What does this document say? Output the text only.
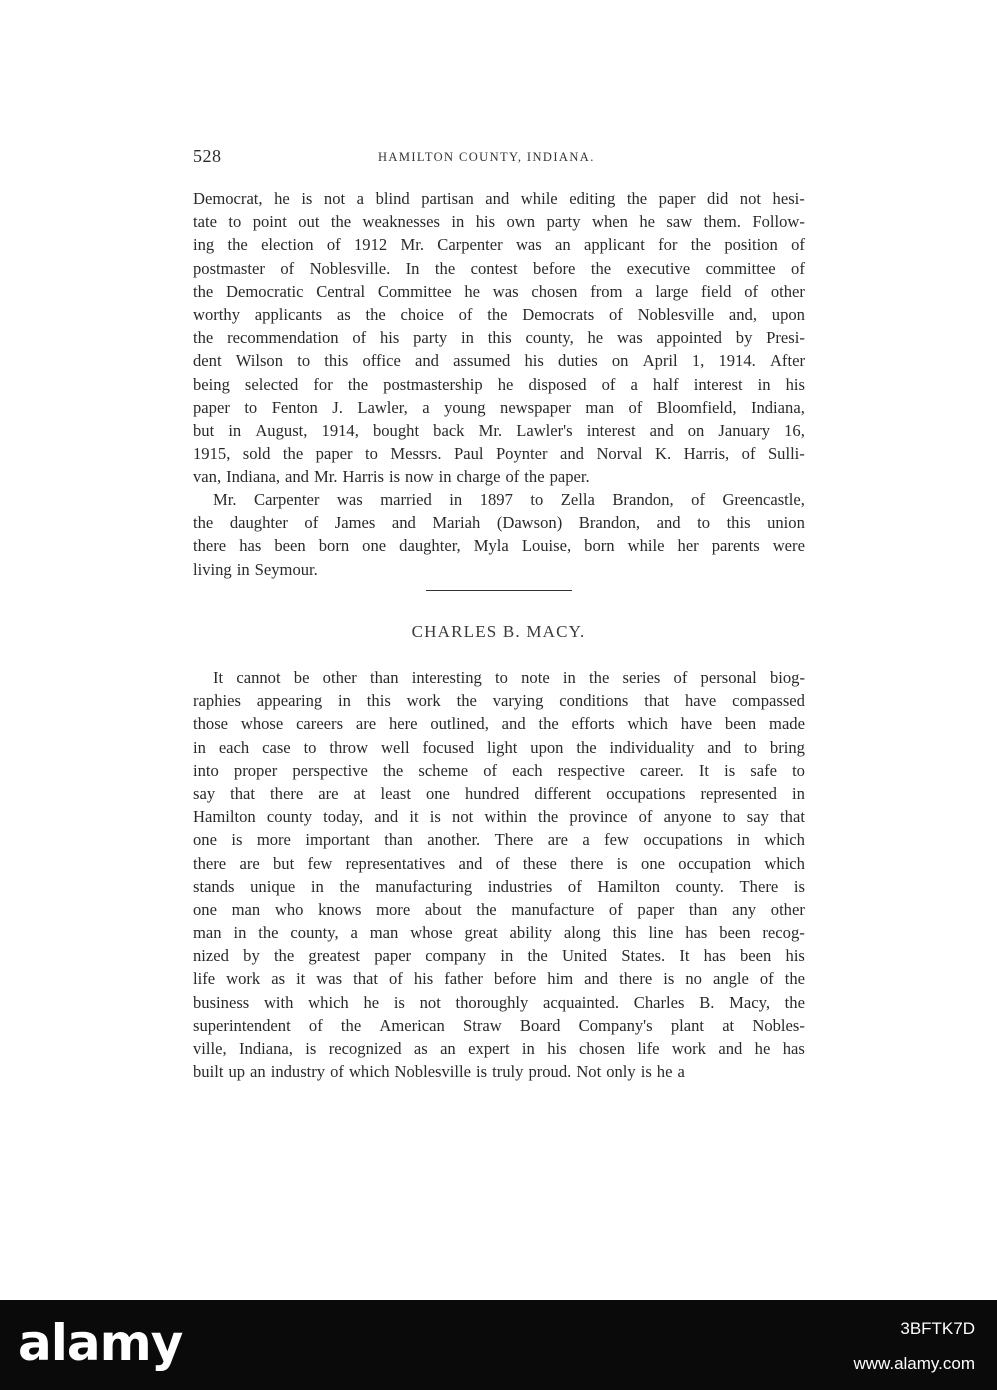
528	HAMILTON COUNTY, INDIANA.
Democrat, he is not a blind partisan and while editing the paper did not hesi-
tate to point out the weaknesses in his own party when he saw them. Follow-
ing the election of 1912 Mr. Carpenter was an applicant for the position of
postmaster of Noblesville. In the contest before the executive committee of
the Democratic Central Committee he was chosen from a large field of other
worthy applicants as the choice of the Democrats of Noblesville and, upon
the recommendation of his party in this county, he was appointed by Presi-
dent Wilson to this office and assumed his duties on April 1, 1914. After
being selected for the postmastership he disposed of a half interest in his
paper to Fenton J. Lawler, a young newspaper man of Bloomfield, Indiana,
but in August, 1914, bought back Mr. Lawler's interest and on January 16,
1915, sold the paper to Messrs. Paul Poynter and Norval K. Harris, of Sulli-
van, Indiana, and Mr. Harris is now in charge of the paper.
Mr. Carpenter was married in 1897 to Zella Brandon, of Greencastle,
the daughter of James and Mariah (Dawson) Brandon, and to this union
there has been born one daughter, Myla Louise, born while her parents were
living in Seymour.
CHARLES B. MACY.
It cannot be other than interesting to note in the series of personal biog-
raphies appearing in this work the varying conditions that have compassed
those whose careers are here outlined, and the efforts which have been made
in each case to throw well focused light upon the individuality and to bring
into proper perspective the scheme of each respective career. It is safe to
say that there are at least one hundred different occupations represented in
Hamilton county today, and it is not within the province of anyone to say that
one is more important than another. There are a few occupations in which
there are but few representatives and of these there is one occupation which
stands unique in the manufacturing industries of Hamilton county. There is
one man who knows more about the manufacture of paper than any other
man in the county, a man whose great ability along this line has been recog-
nized by the greatest paper company in the United States. It has been his
life work as it was that of his father before him and there is no angle of the
business with which he is not thoroughly acquainted. Charles B. Macy, the
superintendent of the American Straw Board Company's plant at Nobles-
ville, Indiana, is recognized as an expert in his chosen life work and he has
built up an industry of which Noblesville is truly proud. Not only is he a
alamy	3BFTK7D
www.alamy.com
